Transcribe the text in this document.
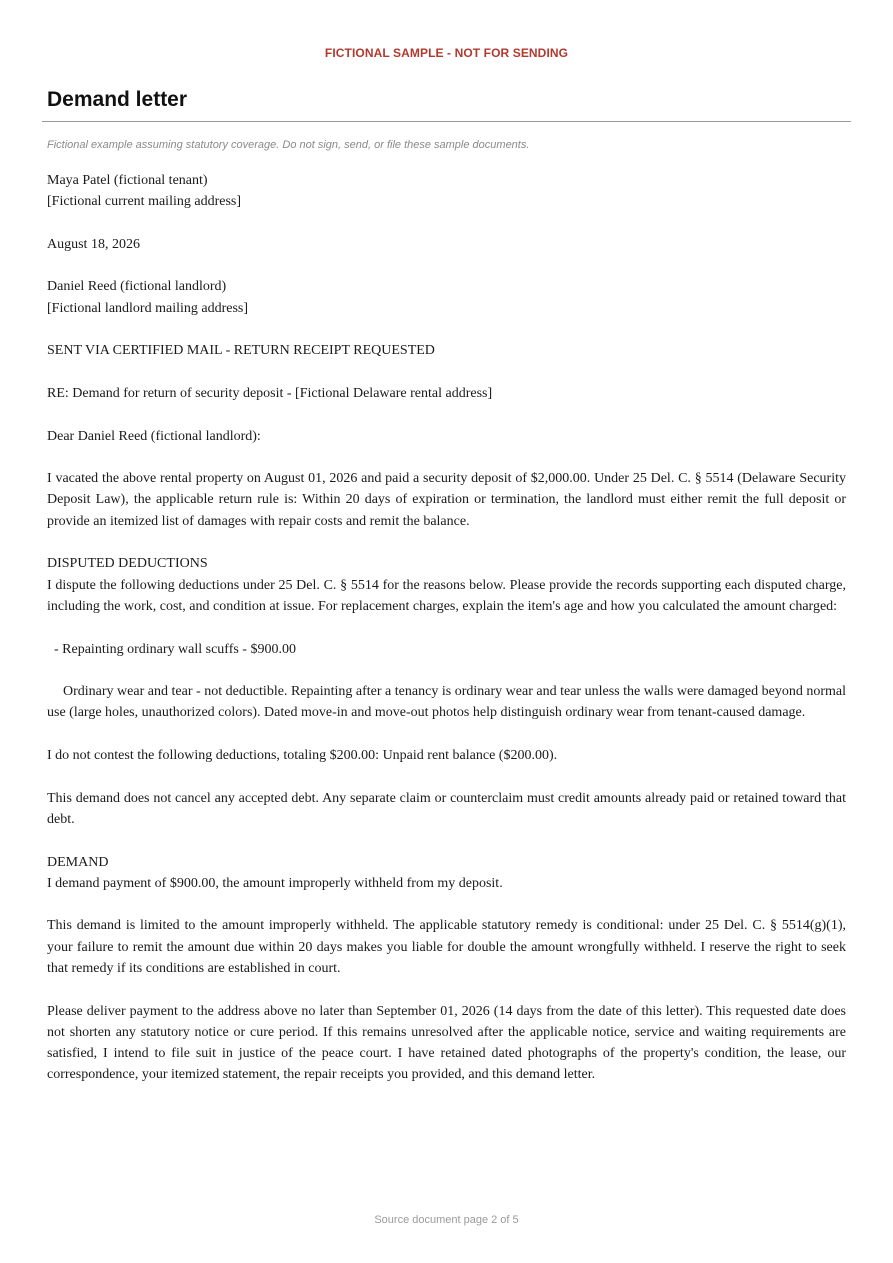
FICTIONAL SAMPLE - NOT FOR SENDING
Demand letter
Fictional example assuming statutory coverage. Do not sign, send, or file these sample documents.

Maya Patel (fictional tenant)
[Fictional current mailing address]

August 18, 2026

Daniel Reed (fictional landlord)
[Fictional landlord mailing address]

SENT VIA CERTIFIED MAIL - RETURN RECEIPT REQUESTED

RE: Demand for return of security deposit - [Fictional Delaware rental address]

Dear Daniel Reed (fictional landlord):

I vacated the above rental property on August 01, 2026 and paid a security deposit of $2,000.00. Under 25 Del. C. § 5514 (Delaware Security Deposit Law), the applicable return rule is: Within 20 days of expiration or termination, the landlord must either remit the full deposit or provide an itemized list of damages with repair costs and remit the balance.

DISPUTED DEDUCTIONS

I dispute the following deductions under 25 Del. C. § 5514 for the reasons below. Please provide the records supporting each disputed charge, including the work, cost, and condition at issue. For replacement charges, explain the item's age and how you calculated the amount charged:

- Repainting ordinary wall scuffs - $900.00

Ordinary wear and tear - not deductible. Repainting after a tenancy is ordinary wear and tear unless the walls were damaged beyond normal use (large holes, unauthorized colors). Dated move-in and move-out photos help distinguish ordinary wear from tenant-caused damage.

I do not contest the following deductions, totaling $200.00: Unpaid rent balance ($200.00).

This demand does not cancel any accepted debt. Any separate claim or counterclaim must credit amounts already paid or retained toward that debt.

DEMAND

I demand payment of $900.00, the amount improperly withheld from my deposit.

This demand is limited to the amount improperly withheld. The applicable statutory remedy is conditional: under 25 Del. C. § 5514(g)(1), your failure to remit the amount due within 20 days makes you liable for double the amount wrongfully withheld. I reserve the right to seek that remedy if its conditions are established in court.

Please deliver payment to the address above no later than September 01, 2026 (14 days from the date of this letter). This requested date does not shorten any statutory notice or cure period. If this remains unresolved after the applicable notice, service and waiting requirements are satisfied, I intend to file suit in justice of the peace court. I have retained dated photographs of the property's condition, the lease, our correspondence, your itemized statement, the repair receipts you provided, and this demand letter.

Source document page 2 of 5
